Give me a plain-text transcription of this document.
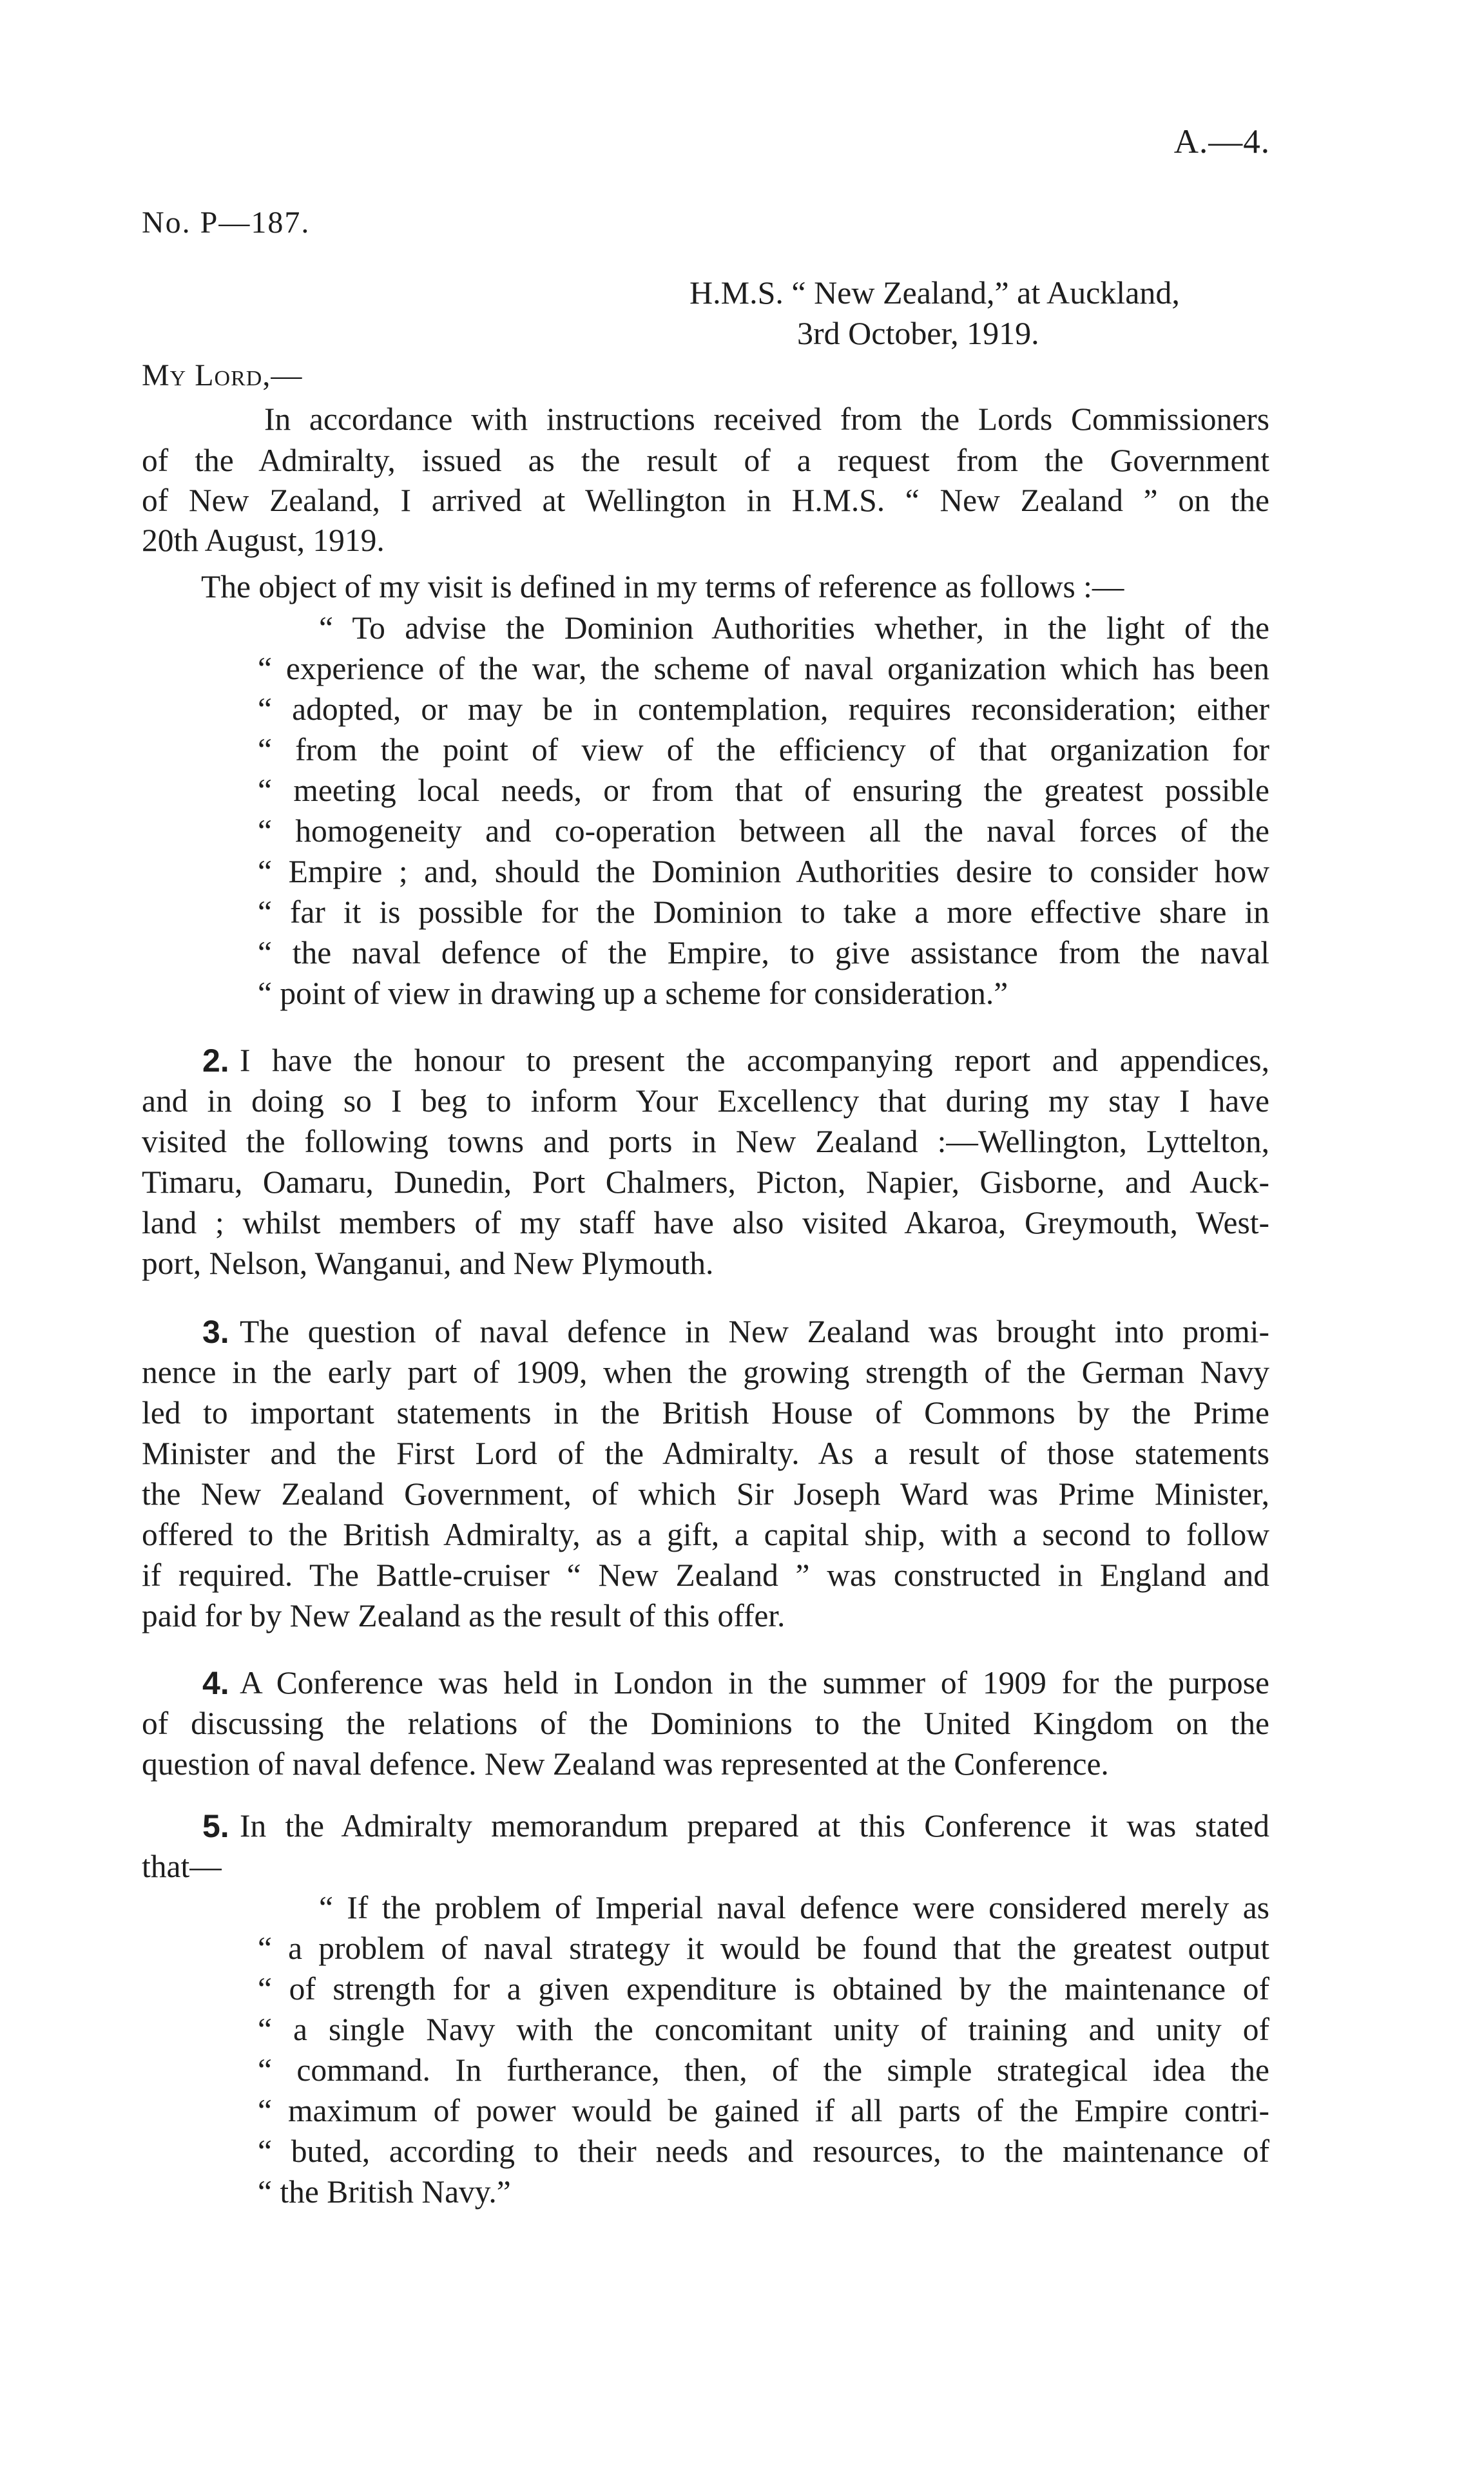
A.—4.
No. P—187.
H.M.S. “ New Zealand,” at Auckland,
3rd October, 1919.
My Lord,—
In accordance with instructions received from the Lords Commissioners
of the Admiralty, issued as the result of a request from the Government
of New Zealand, I arrived at Wellington in H.M.S. “ New Zealand ” on the
20th August, 1919.
The object of my visit is defined in my terms of reference as follows :—
“ To advise the Dominion Authorities whether, in the light of the
“ experience of the war, the scheme of naval organization which has been
“ adopted, or may be in contemplation, requires reconsideration; either
“ from the point of view of the efficiency of that organization for
“ meeting local needs, or from that of ensuring the greatest possible
“ homogeneity and co-operation between all the naval forces of the
“ Empire ; and, should the Dominion Authorities desire to consider how
“ far it is possible for the Dominion to take a more effective share in
“ the naval defence of the Empire, to give assistance from the naval
“ point of view in drawing up a scheme for consideration.”
2. I have the honour to present the accompanying report and appendices,
and in doing so I beg to inform Your Excellency that during my stay I have
visited the following towns and ports in New Zealand :—Wellington, Lyttelton,
Timaru, Oamaru, Dunedin, Port Chalmers, Picton, Napier, Gisborne, and Auck-
land ; whilst members of my staff have also visited Akaroa, Greymouth, West-
port, Nelson, Wanganui, and New Plymouth.
3. The question of naval defence in New Zealand was brought into promi-
nence in the early part of 1909, when the growing strength of the German Navy
led to important statements in the British House of Commons by the Prime
Minister and the First Lord of the Admiralty. As a result of those statements
the New Zealand Government, of which Sir Joseph Ward was Prime Minister,
offered to the British Admiralty, as a gift, a capital ship, with a second to follow
if required. The Battle-cruiser “ New Zealand ” was constructed in England and
paid for by New Zealand as the result of this offer.
4. A Conference was held in London in the summer of 1909 for the purpose
of discussing the relations of the Dominions to the United Kingdom on the
question of naval defence. New Zealand was represented at the Conference.
5. In the Admiralty memorandum prepared at this Conference it was stated
that—
“ If the problem of Imperial naval defence were considered merely as
“ a problem of naval strategy it would be found that the greatest output
“ of strength for a given expenditure is obtained by the maintenance of
“ a single Navy with the concomitant unity of training and unity of
“ command. In furtherance, then, of the simple strategical idea the
“ maximum of power would be gained if all parts of the Empire contri-
“ buted, according to their needs and resources, to the maintenance of
“ the British Navy.”
